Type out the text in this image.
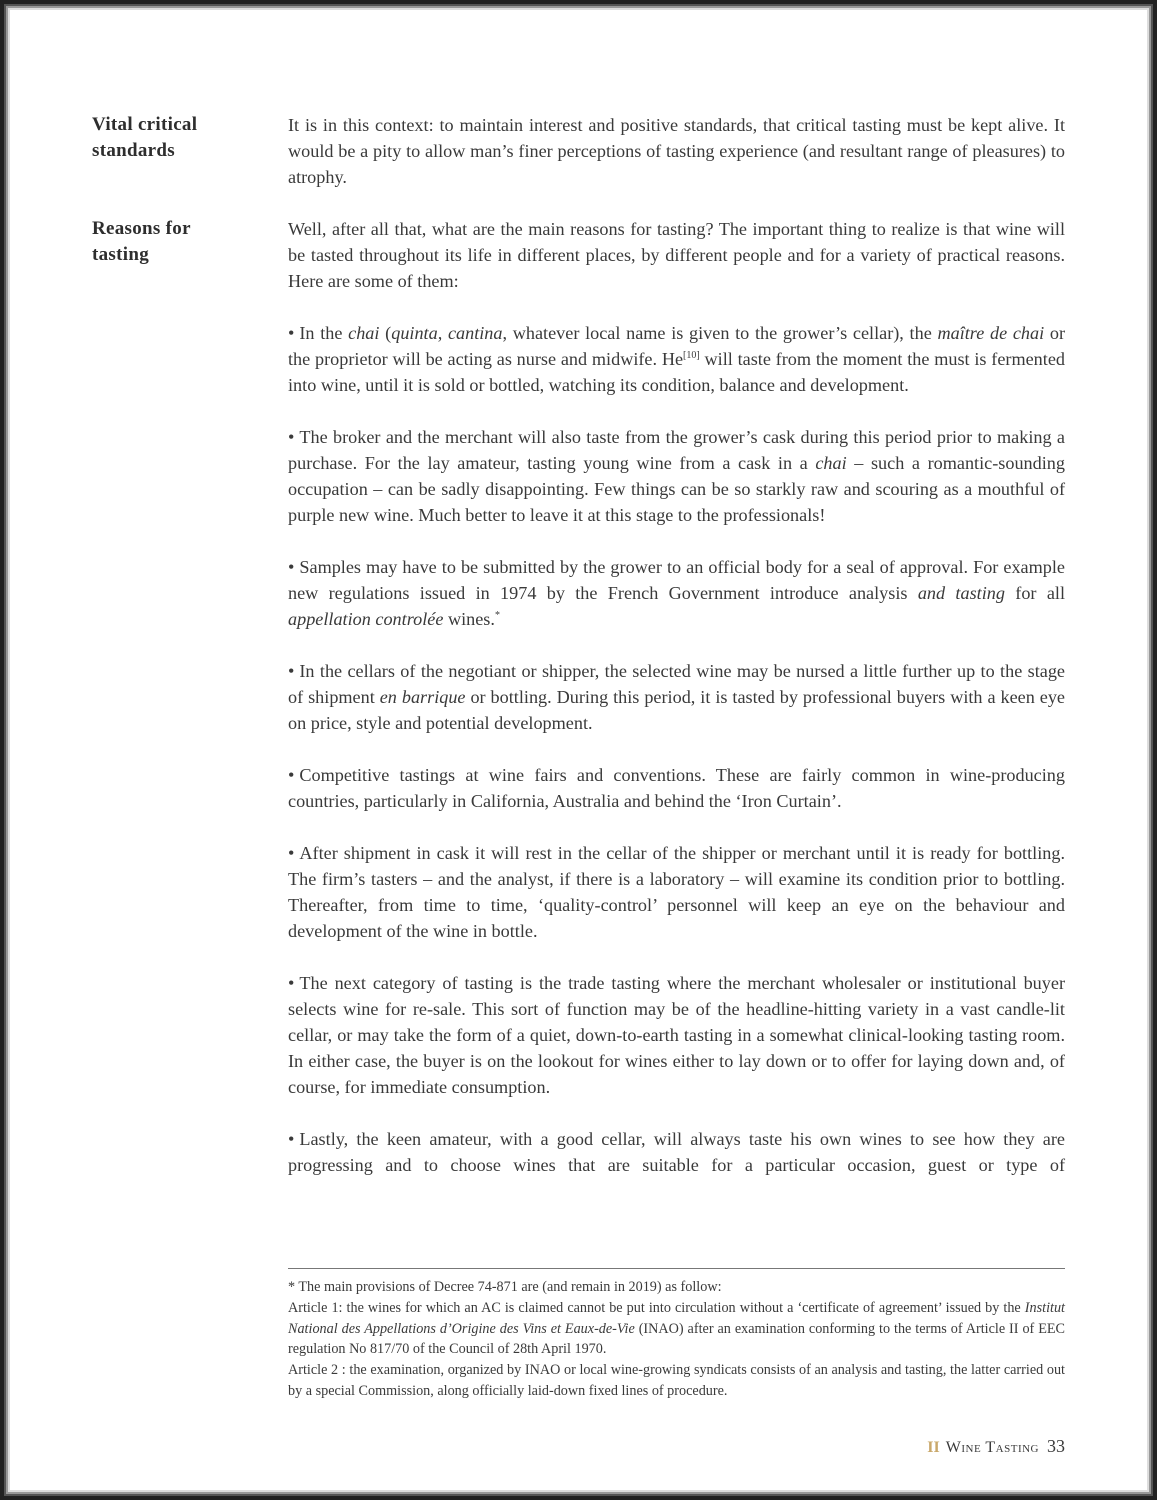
Vital critical standards

It is in this context: to maintain interest and positive standards, that critical tasting must be kept alive. It would be a pity to allow man’s finer perceptions of tasting experience (and resultant range of pleasures) to atrophy.

Reasons for tasting

Well, after all that, what are the main reasons for tasting? The important thing to realize is that wine will be tasted throughout its life in different places, by different people and for a variety of practical reasons. Here are some of them:

• In the chai (quinta, cantina, whatever local name is given to the grower’s cellar), the maître de chai or the proprietor will be acting as nurse and midwife. He[10] will taste from the moment the must is fermented into wine, until it is sold or bottled, watching its condition, balance and development.

• The broker and the merchant will also taste from the grower’s cask during this period prior to making a purchase. For the lay amateur, tasting young wine from a cask in a chai – such a romantic-sounding occupation – can be sadly disappointing. Few things can be so starkly raw and scouring as a mouthful of purple new wine. Much better to leave it at this stage to the professionals!

• Samples may have to be submitted by the grower to an official body for a seal of approval. For example new regulations issued in 1974 by the French Government introduce analysis and tasting for all appellation controlée wines.*

• In the cellars of the negotiant or shipper, the selected wine may be nursed a little further up to the stage of shipment en barrique or bottling. During this period, it is tasted by professional buyers with a keen eye on price, style and potential development.

• Competitive tastings at wine fairs and conventions. These are fairly common in wine-producing countries, particularly in California, Australia and behind the ‘Iron Curtain’.

• After shipment in cask it will rest in the cellar of the shipper or merchant until it is ready for bottling. The firm’s tasters – and the analyst, if there is a laboratory – will examine its condition prior to bottling. Thereafter, from time to time, ‘quality-control’ personnel will keep an eye on the behaviour and development of the wine in bottle.

• The next category of tasting is the trade tasting where the merchant wholesaler or institutional buyer selects wine for re-sale. This sort of function may be of the headline-hitting variety in a vast candle-lit cellar, or may take the form of a quiet, down-to-earth tasting in a somewhat clinical-looking tasting room. In either case, the buyer is on the lookout for wines either to lay down or to offer for laying down and, of course, for immediate consumption.

• Lastly, the keen amateur, with a good cellar, will always taste his own wines to see how they are progressing and to choose wines that are suitable for a particular occasion, guest or type of

* The main provisions of Decree 74-871 are (and remain in 2019) as follow:

Article 1: the wines for which an AC is claimed cannot be put into circulation without a ‘certificate of agreement’ issued by the Institut National des Appellations d’Origine des Vins et Eaux-de-Vie (INAO) after an examination conforming to the terms of Article II of EEC regulation No 817/70 of the Council of 28th April 1970.

Article 2 : the examination, organized by INAO or local wine-growing syndicats consists of an analysis and tasting, the latter carried out by a special Commission, along officially laid-down fixed lines of procedure.

II Wine Tasting 33
